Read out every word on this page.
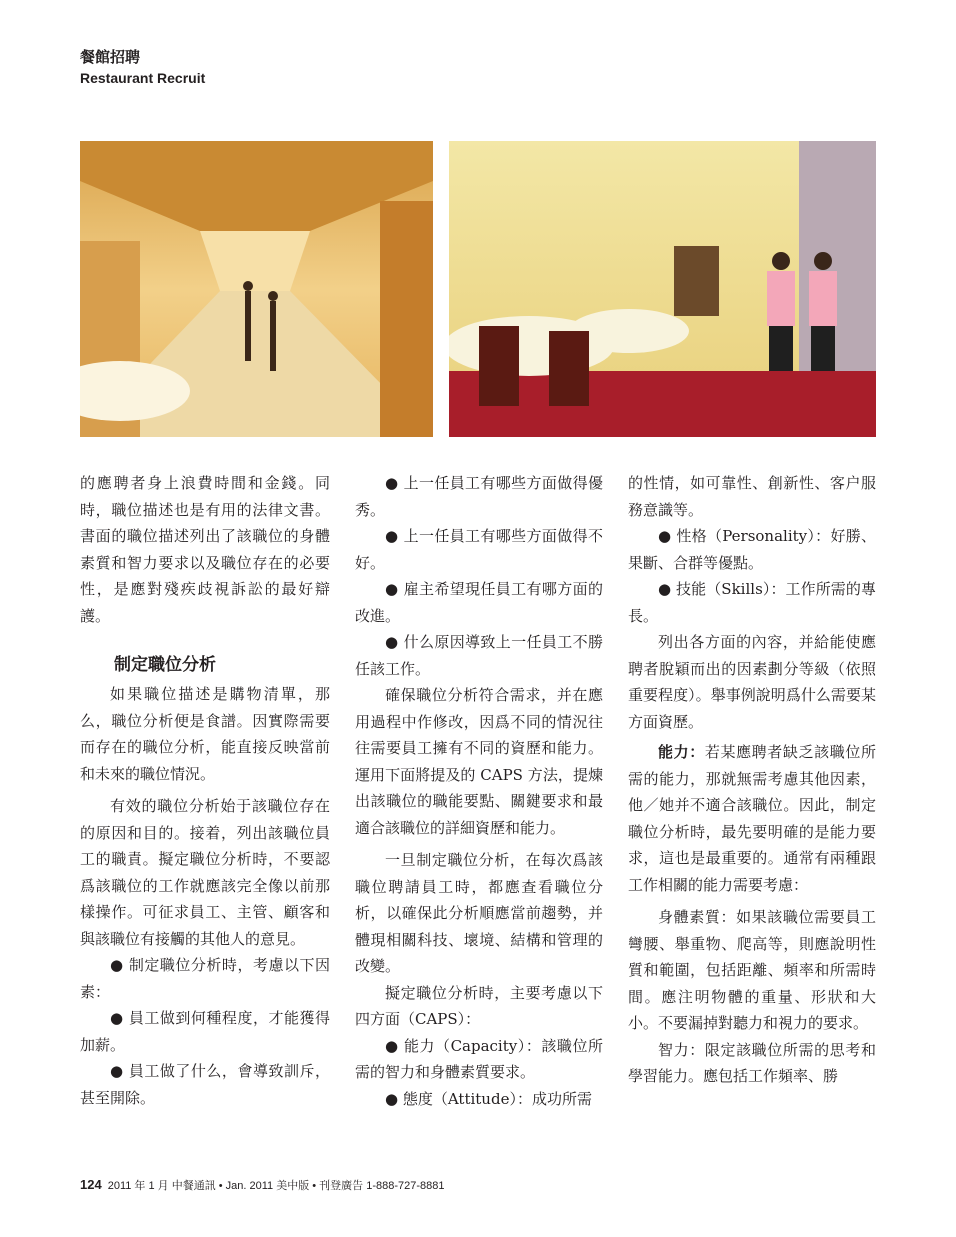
餐館招聘
Restaurant Recruit

的應聘者身上浪費時間和金錢。同時，職位描述也是有用的法律文書。書面的職位描述列出了該職位的身體素質和智力要求以及職位存在的必要性，是應對殘疾歧視訴訟的最好辯護。

制定職位分析

如果職位描述是購物清單，那么，職位分析便是食譜。因實際需要而存在的職位分析，能直接反映當前和未來的職位情況。

有效的職位分析始于該職位存在的原因和目的。接着，列出該職位員工的職責。擬定職位分析時，不要認爲該職位的工作就應該完全像以前那樣操作。可征求員工、主管、顧客和與該職位有接觸的其他人的意見。

● 制定職位分析時，考慮以下因素：

● 員工做到何種程度，才能獲得加薪。

● 員工做了什么，會導致訓斥，甚至開除。

● 上一任員工有哪些方面做得優秀。

● 上一任員工有哪些方面做得不好。

● 雇主希望現任員工有哪方面的改進。

● 什么原因導致上一任員工不勝任該工作。

確保職位分析符合需求，并在應用過程中作修改，因爲不同的情況往往需要員工擁有不同的資歷和能力。運用下面將提及的 CAPS 方法，提煉出該職位的職能要點、關鍵要求和最適合該職位的詳細資歷和能力。

一旦制定職位分析，在每次爲該職位聘請員工時，都應查看職位分析，以確保此分析順應當前趨勢，并體現相關科技、壞境、結構和管理的改變。

擬定職位分析時，主要考慮以下四方面（CAPS）：

● 能力（Capacity）：該職位所需的智力和身體素質要求。

● 態度（Attitude）：成功所需

的性情，如可靠性、創新性、客户服務意識等。

● 性格（Personality）：好勝、果斷、合群等優點。

● 技能（Skills）：工作所需的專長。

列出各方面的內容，并給能使應聘者脫穎而出的因素劃分等級（依照重要程度）。舉事例說明爲什么需要某方面資歷。

能力：若某應聘者缺乏該職位所需的能力，那就無需考慮其他因素，他／她并不適合該職位。因此，制定職位分析時，最先要明確的是能力要求，這也是最重要的。通常有兩種跟工作相關的能力需要考慮：

身體素質：如果該職位需要員工彎腰、舉重物、爬高等，則應說明性質和範圍，包括距離、頻率和所需時間。應注明物體的重量、形狀和大小。不要漏掉對聽力和視力的要求。

智力：限定該職位所需的思考和學習能力。應包括工作頻率、勝

124 2011 年 1 月 中餐通訊 • Jan. 2011 美中版 • 刊登廣告 1-888-727-8881
